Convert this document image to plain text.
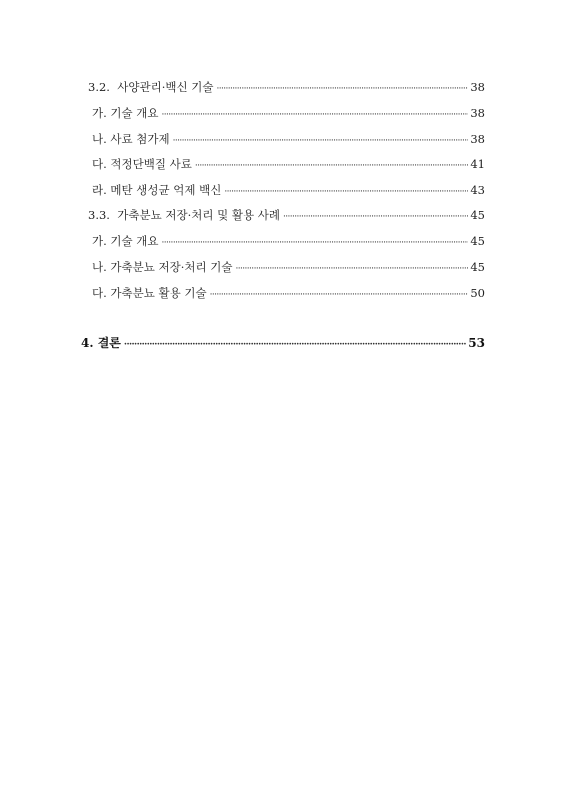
3.2. 사양관리·백신 기술 ·····	38
가. 기술 개요 ·····	38
나. 사료 첨가제 ·····	38
다. 적정단백질 사료 ·····	41
라. 메탄 생성균 억제 백신 ·····	43
3.3. 가축분뇨 저장·처리 및 활용 사례 ·····	45
가. 기술 개요 ·····	45
나. 가축분뇨 저장·처리 기술 ·····	45
다. 가축분뇨 활용 기술 ·····	50
4. 결론 ·····	53
